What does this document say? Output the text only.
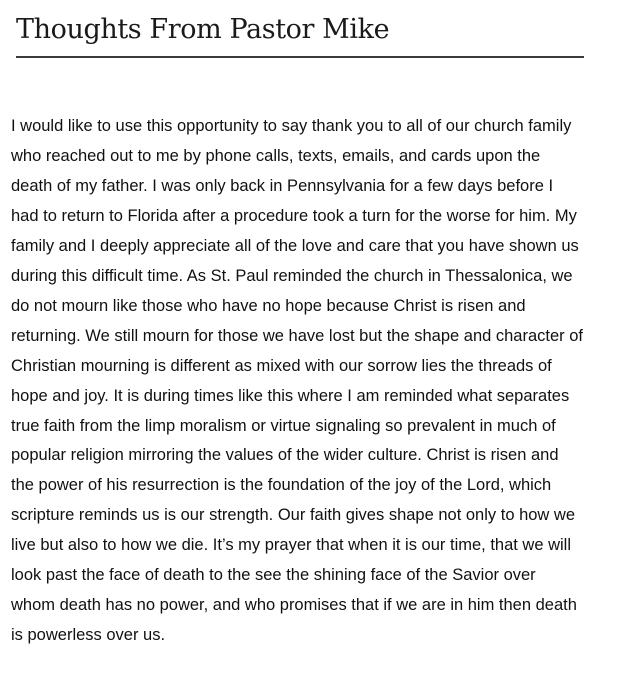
Thoughts From Pastor Mike

I would like to use this opportunity to say thank you to all of our church family
who reached out to me by phone calls, texts, emails, and cards upon the
death of my father. I was only back in Pennsylvania for a few days before I
had to return to Florida after a procedure took a turn for the worse for him. My
family and I deeply appreciate all of the love and care that you have shown us
during this difficult time. As St. Paul reminded the church in Thessalonica, we
do not mourn like those who have no hope because Christ is risen and
returning. We still mourn for those we have lost but the shape and character of
Christian mourning is different as mixed with our sorrow lies the threads of
hope and joy. It is during times like this where I am reminded what separates
true faith from the limp moralism or virtue signaling so prevalent in much of
popular religion mirroring the values of the wider culture. Christ is risen and
the power of his resurrection is the foundation of the joy of the Lord, which
scripture reminds us is our strength. Our faith gives shape not only to how we
live but also to how we die. It’s my prayer that when it is our time, that we will
look past the face of death to the see the shining face of the Savior over
whom death has no power, and who promises that if we are in him then death
is powerless over us.
